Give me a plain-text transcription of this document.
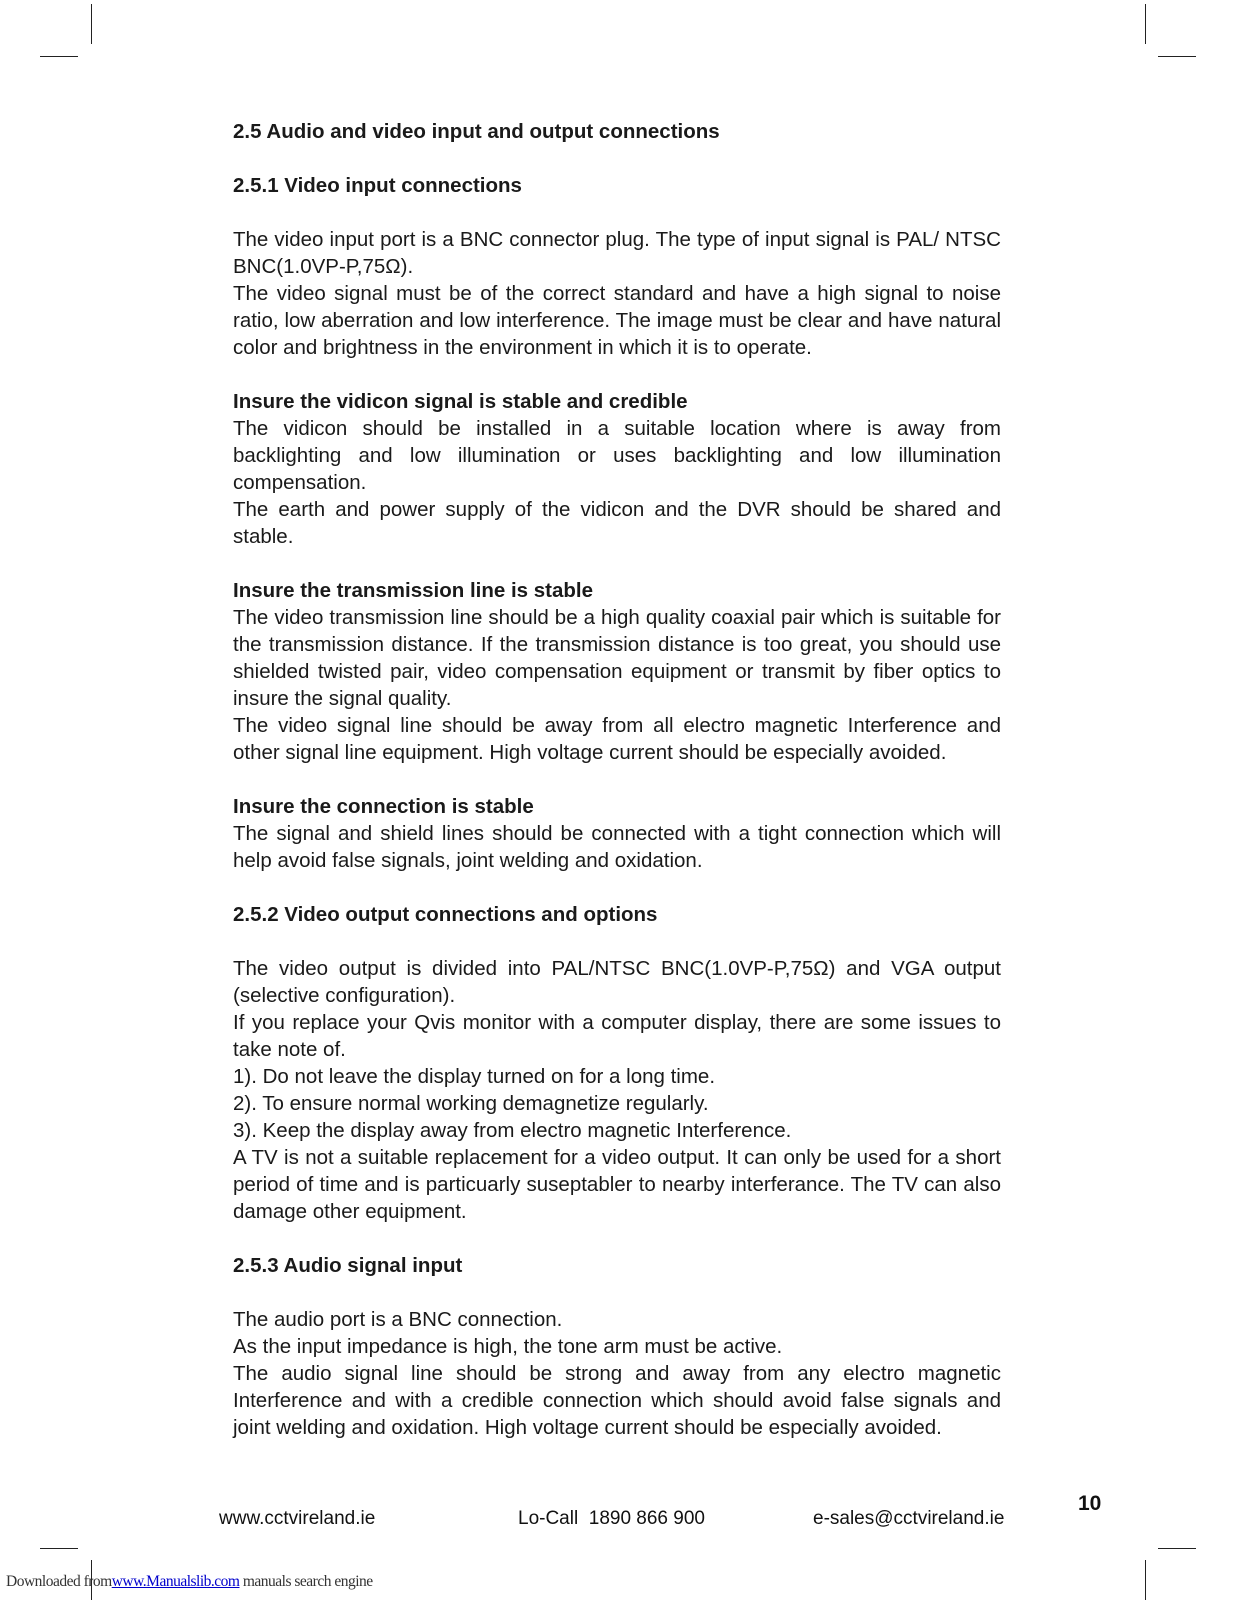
2.5 Audio and video input and output connections
2.5.1 Video input connections

The video input port is a BNC connector plug. The type of input signal is PAL/ NTSC BNC(1.0VP-P,75Ω).

The video signal must be of the correct standard and have a high signal to noise ratio, low aberration and low interference. The image must be clear and have natural color and brightness in the environment in which it is to operate.

Insure the vidicon signal is stable and credible

The vidicon should be installed in a suitable location where is away from backlighting and low illumination or uses backlighting and low illumination compensation.

The earth and power supply of the vidicon and the DVR should be shared and stable.

Insure the transmission line is stable

The video transmission line should be a high quality coaxial pair which is suitable for the transmission distance. If the transmission distance is too great, you should use shielded twisted pair, video compensation equipment or transmit by fiber optics to insure the signal quality.

The video signal line should be away from all electro magnetic Interference and other signal line equipment. High voltage current should be especially avoided.

Insure the connection is stable

The signal and shield lines should be connected with a tight connection which will help avoid false signals, joint welding and oxidation.

2.5.2 Video output connections and options

The video output is divided into PAL/NTSC BNC(1.0VP-P,75Ω) and VGA output (selective configuration).

If you replace your Qvis monitor with a computer display, there are some issues to take note of.

1). Do not leave the display turned on for a long time.

2). To ensure normal working demagnetize regularly.

3). Keep the display away from electro magnetic Interference.

A TV is not a suitable replacement for a video output. It can only be used for a short period of time and is particuarly suseptabler to nearby interferance. The TV can also damage other equipment.

2.5.3 Audio signal input

The audio port is a BNC connection.

As the input impedance is high, the tone arm must be active.

The audio signal line should be strong and away from any electro magnetic Interference and with a credible connection which should avoid false signals and joint welding and oxidation. High voltage current should be especially avoided.

10
www.cctvireland.ie	Lo-Call  1890 866 900	e-sales@cctvireland.ie
Downloaded fromwww.Manualslib.com manuals search engine
